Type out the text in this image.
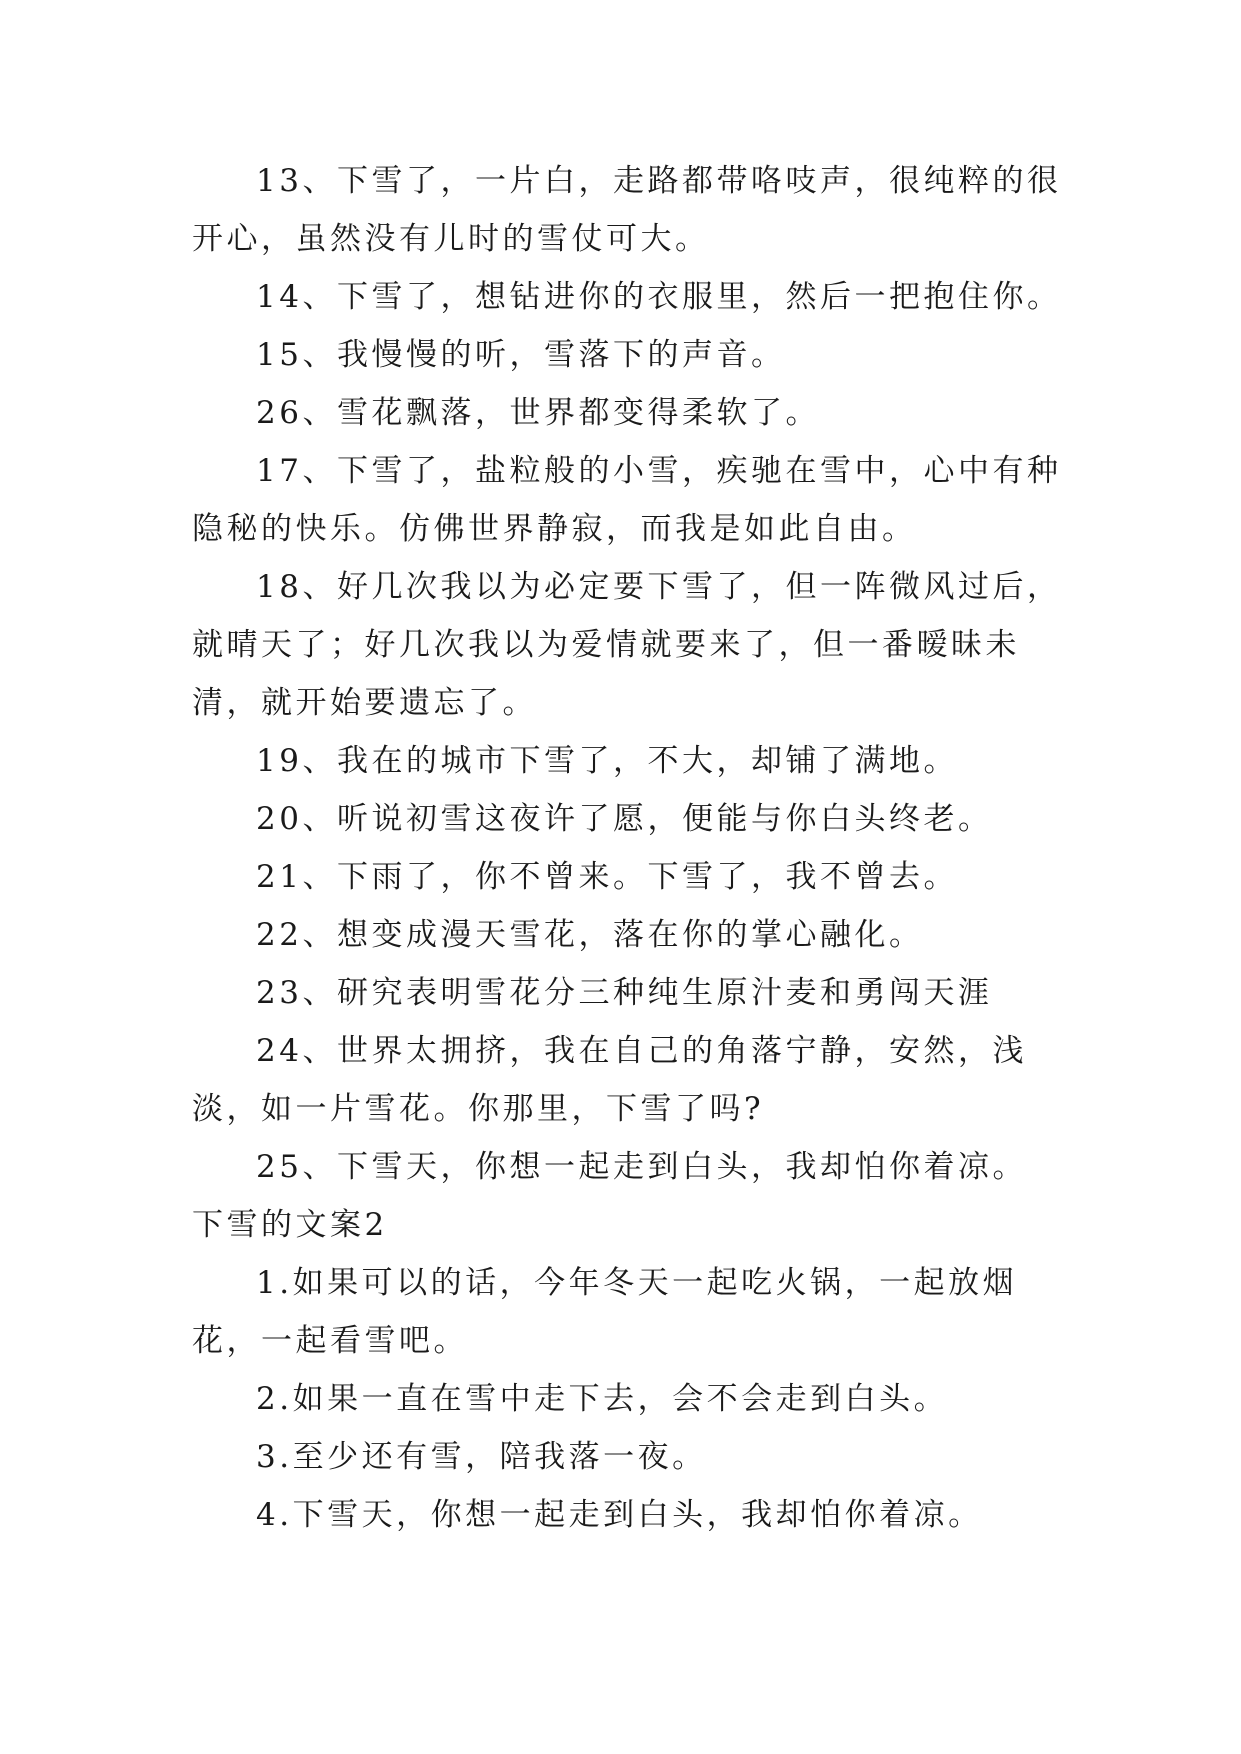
13、下雪了，一片白，走路都带咯吱声，很纯粹的很开心，虽然没有儿时的雪仗可大。

14、下雪了，想钻进你的衣服里，然后一把抱住你。

15、我慢慢的听，雪落下的声音。

26、雪花飘落，世界都变得柔软了。

17、下雪了，盐粒般的小雪，疾驰在雪中，心中有种隐秘的快乐。仿佛世界静寂，而我是如此自由。

18、好几次我以为必定要下雪了，但一阵微风过后，就晴天了；好几次我以为爱情就要来了，但一番暧昧未清，就开始要遗忘了。

19、我在的城市下雪了，不大，却铺了满地。

20、听说初雪这夜许了愿，便能与你白头终老。

21、下雨了，你不曾来。下雪了，我不曾去。

22、想变成漫天雪花，落在你的掌心融化。

23、研究表明雪花分三种纯生原汁麦和勇闯天涯

24、世界太拥挤，我在自己的角落宁静，安然，浅淡，如一片雪花。你那里，下雪了吗?

25、下雪天，你想一起走到白头，我却怕你着凉。

下雪的文案2

1.如果可以的话，今年冬天一起吃火锅，一起放烟花，一起看雪吧。

2.如果一直在雪中走下去，会不会走到白头。

3.至少还有雪，陪我落一夜。

4.下雪天，你想一起走到白头，我却怕你着凉。
